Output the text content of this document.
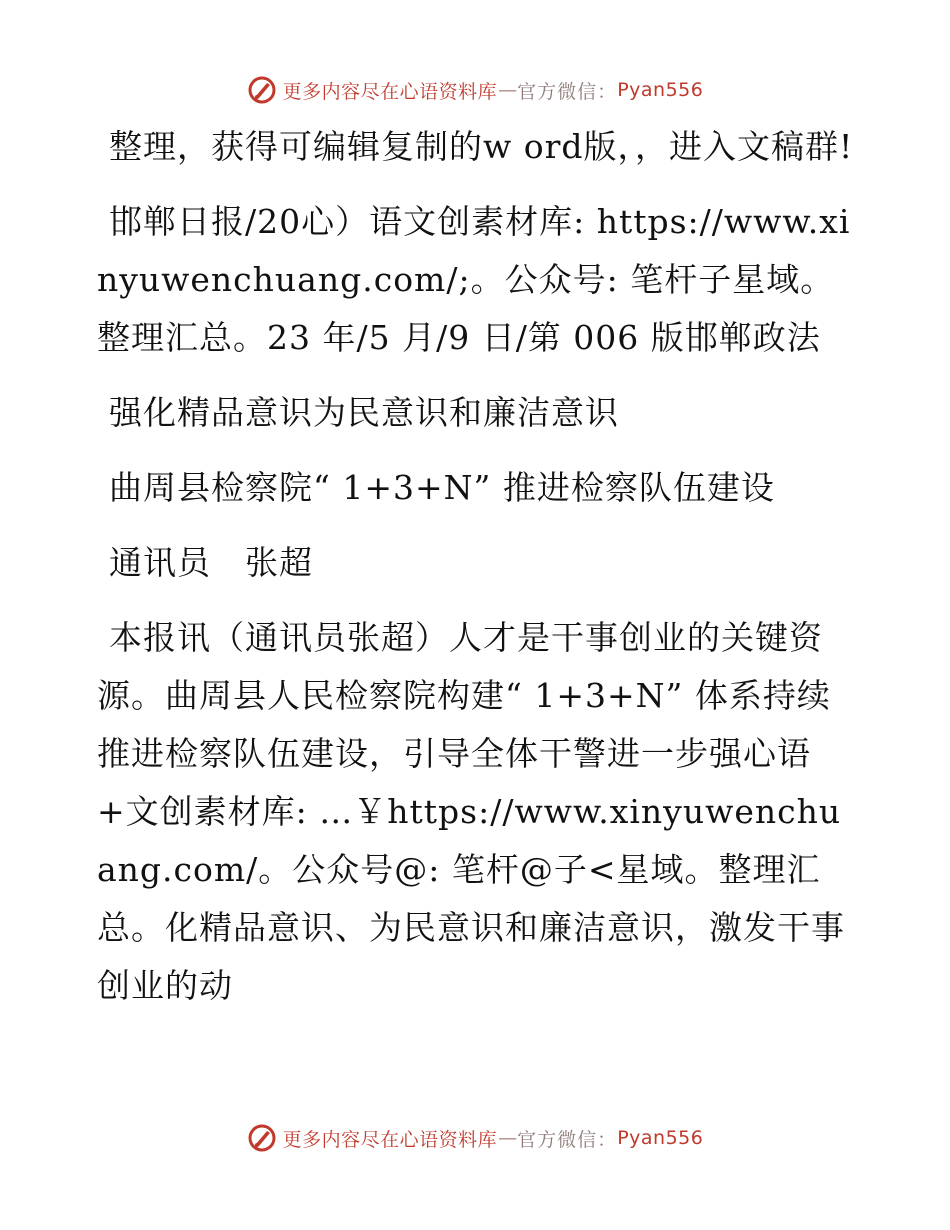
更多内容尽在心语资料库 — 官方微信： Pyan556

整理，获得可编辑复制的w ord版，，进入文稿群!

邯郸日报/20心）语文创素材库: https://www.xinyuwenchuang.com/;。公众号: 笔杆子星域。整理汇总。23 年/5 月/9 日/第 006 版邯郸政法

强化精品意识为民意识和廉洁意识

曲周县检察院“ 1+3+N” 推进检察队伍建设

通讯员　张超

本报讯（通讯员张超）人才是干事创业的关键资源。曲周县人民检察院构建“ 1+3+N” 体系持续推进检察队伍建设，引导全体干警进一步强心语+文创素材库: …￥https://www.xinyuwenchuang.com/。公众号@: 笔杆@子<星域。整理汇总。化精品意识、为民意识和廉洁意识，激发干事创业的动

更多内容尽在心语资料库 — 官方微信： Pyan556
